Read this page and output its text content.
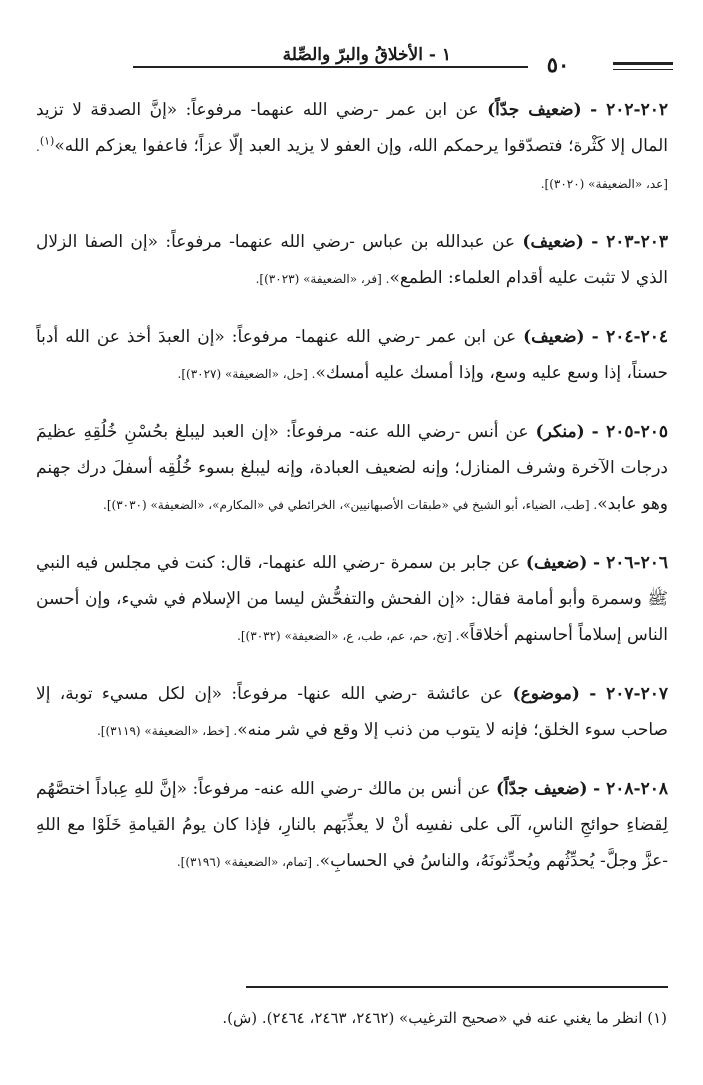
١ - الأخلاقُ والبرّ والصِّلة	٥٠

٢٠٢-٢٠٢ - (ضعيف جدّاً) عن ابن عمر -رضي الله عنهما- مرفوعاً: «إنَّ الصدقة لا تزيد المال إلا كَثْرة؛ فتصدّقوا يرحمكم الله، وإن العفو لا يزيد العبد إلّا عزاً؛ فاعفوا يعزكم الله»$^{(١)}$. [عد، «الضعيفة» (٣٠٢٠)].

٢٠٣-٢٠٣ - (ضعيف) عن عبدالله بن عباس -رضي الله عنهما- مرفوعاً: «إن الصفا الزلال الذي لا تثبت عليه أقدام العلماء: الطمع». [فر، «الضعيفة» (٣٠٢٣)].

٢٠٤-٢٠٤ - (ضعيف) عن ابن عمر -رضي الله عنهما- مرفوعاً: «إن العبدَ أخذ عن الله أدباً حسناً، إذا وسع عليه وسع، وإذا أمسك عليه أمسك». [حل، «الضعيفة» (٣٠٢٧)].

٢٠٥-٢٠٥ - (منكر) عن أنس -رضي الله عنه- مرفوعاً: «إن العبد ليبلغ بحُسْنِ خُلُقِهِ عظيمَ درجات الآخرة وشرف المنازل؛ وإنه لضعيف العبادة، وإنه ليبلغ بسوء خُلُقِه أسفلَ درك جهنم وهو عابد». [طب، الضياء، أبو الشيخ في «طبقات الأصبهانيين»، الخرائطي في «المكارم»، «الضعيفة» (٣٠٣٠)].

٢٠٦-٢٠٦ - (ضعيف) عن جابر بن سمرة -رضي الله عنهما-، قال: كنت في مجلس فيه النبي ﷺ وسمرة وأبو أمامة فقال: «إن الفحش والتفحُّش ليسا من الإسلام في شيء، وإن أحسن الناس إسلاماً أحاسنهم أخلاقاً». [تخ، حم، عم، طب، ع، «الضعيفة» (٣٠٣٢)].

٢٠٧-٢٠٧ - (موضوع) عن عائشة -رضي الله عنها- مرفوعاً: «إن لكل مسيء توبة، إلا صاحب سوء الخلق؛ فإنه لا يتوب من ذنب إلا وقع في شر منه». [خط، «الضعيفة» (٣١١٩)].

٢٠٨-٢٠٨ - (ضعيف جدّاً) عن أنس بن مالك -رضي الله عنه- مرفوعاً: «إنَّ للهِ عِباداً اختصَّهُم لِقضاءِ حوائجِ الناسِ، آلَى على نفسِه أنْ لا يعذِّبَهم بالنارِ، فإذا كان يومُ القيامةِ خَلَوْا مع اللهِ -عزَّ وجلَّ- يُحدِّثُهم ويُحدِّثونَهُ، والناسُ في الحسابِ». [تمام، «الضعيفة» (٣١٩٦)].

(١) انظر ما يغني عنه في «صحيح الترغيب» (٢٤٦٢، ٢٤٦٣، ٢٤٦٤). (ش).
